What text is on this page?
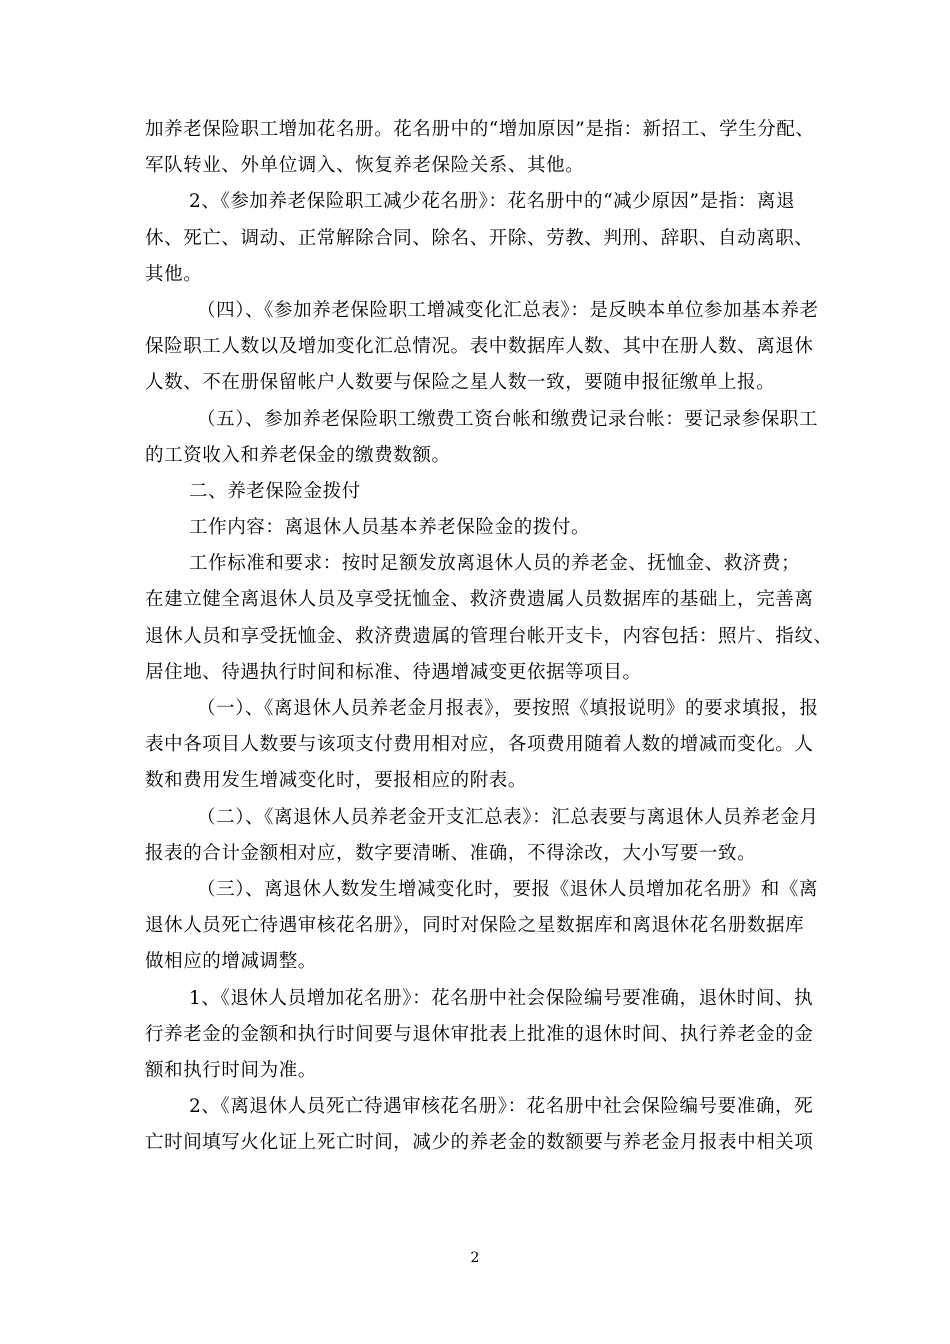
加养老保险职工增加花名册。花名册中的“增加原因”是指：新招工、学生分配、
军队转业、外单位调入、恢复养老保险关系、其他。
2、《参加养老保险职工减少花名册》：花名册中的“减少原因”是指：离退
休、死亡、调动、正常解除合同、除名、开除、劳教、判刑、辞职、自动离职、
其他。
（四）、《参加养老保险职工增减变化汇总表》：是反映本单位参加基本养老
保险职工人数以及增加变化汇总情况。表中数据库人数、其中在册人数、离退休
人数、不在册保留帐户人数要与保险之星人数一致，要随申报征缴单上报。
（五）、参加养老保险职工缴费工资台帐和缴费记录台帐：要记录参保职工
的工资收入和养老保金的缴费数额。
二、养老保险金拨付
工作内容：离退休人员基本养老保险金的拨付。
工作标准和要求：按时足额发放离退休人员的养老金、抚恤金、救济费；
在建立健全离退休人员及享受抚恤金、救济费遗属人员数据库的基础上，完善离
退休人员和享受抚恤金、救济费遗属的管理台帐开支卡，内容包括：照片、指纹、
居住地、待遇执行时间和标准、待遇增减变更依据等项目。
（一）、《离退休人员养老金月报表》，要按照《填报说明》的要求填报，报
表中各项目人数要与该项支付费用相对应，各项费用随着人数的增减而变化。人
数和费用发生增减变化时，要报相应的附表。
（二）、《离退休人员养老金开支汇总表》：汇总表要与离退休人员养老金月
报表的合计金额相对应，数字要清晰、准确，不得涂改，大小写要一致。
（三）、离退休人数发生增减变化时，要报《退休人员增加花名册》和《离
退休人员死亡待遇审核花名册》，同时对保险之星数据库和离退休花名册数据库
做相应的增减调整。
1、《退休人员增加花名册》：花名册中社会保险编号要准确，退休时间、执
行养老金的金额和执行时间要与退休审批表上批准的退休时间、执行养老金的金
额和执行时间为准。
2、《离退休人员死亡待遇审核花名册》：花名册中社会保险编号要准确，死
亡时间填写火化证上死亡时间，减少的养老金的数额要与养老金月报表中相关项
2
